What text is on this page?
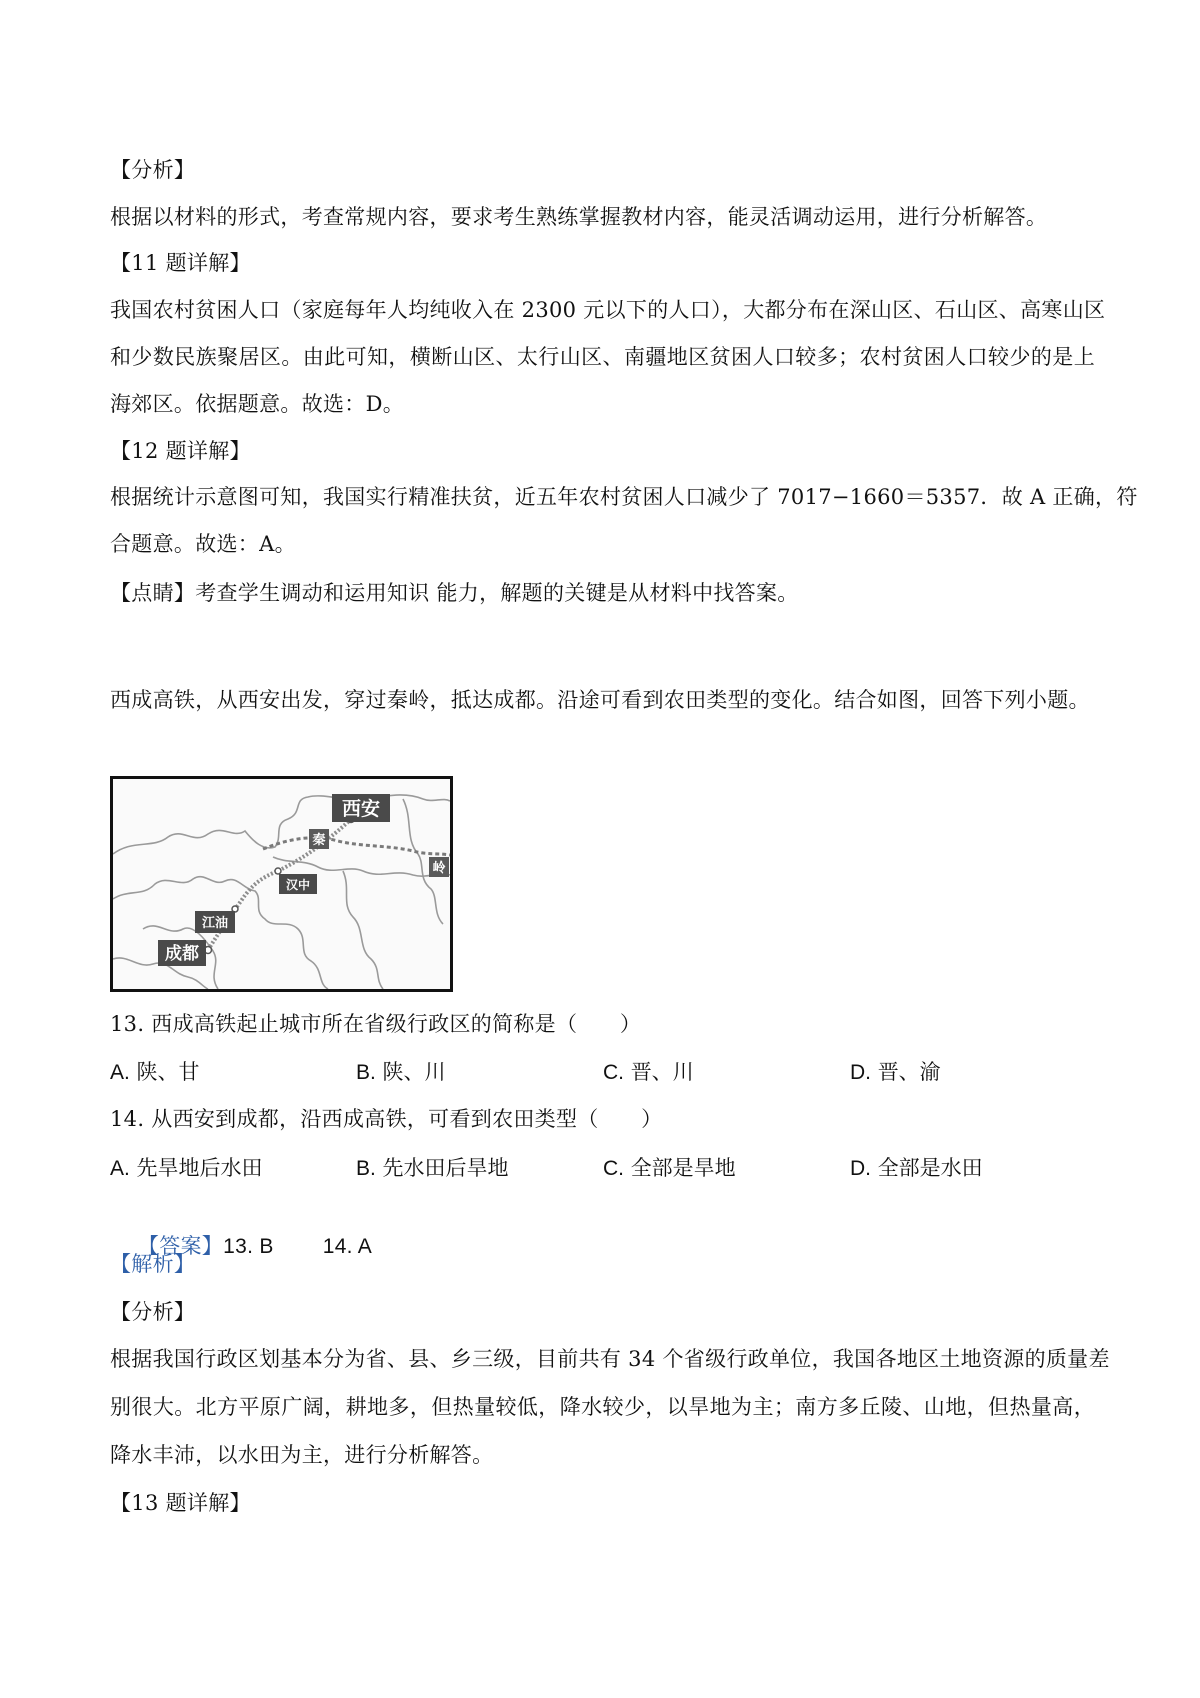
【分析】
根据以材料的形式，考查常规内容，要求考生熟练掌握教材内容，能灵活调动运用，进行分析解答。
【11 题详解】
我国农村贫困人口（家庭每年人均纯收入在 2300 元以下的人口），大都分布在深山区、石山区、高寒山区
和少数民族聚居区。由此可知，横断山区、太行山区、南疆地区贫困人口较多；农村贫困人口较少的是上
海郊区。依据题意。故选：D。
【12 题详解】
根据统计示意图可知，我国实行精准扶贫，近五年农村贫困人口减少了 7017−1660＝5357．故 A 正确，符
合题意。故选：A。
【点睛】考查学生调动和运用知识 能力，解题的关键是从材料中找答案。
西成高铁，从西安出发，穿过秦岭，抵达成都。沿途可看到农田类型的变化。结合如图，回答下列小题。
西安
秦
岭
汉中
江油
成都
13. 西成高铁起止城市所在省级行政区的简称是（　　）
A. 陕、甘	B. 陕、川	C. 晋、川	D. 晋、渝
14. 从西安到成都，沿西成高铁，可看到农田类型（　　）
A. 先旱地后水田	B. 先水田后旱地	C. 全部是旱地	D. 全部是水田

【答案】13. B        14. A

【解析】
【分析】
根据我国行政区划基本分为省、县、乡三级，目前共有 34 个省级行政单位，我国各地区土地资源的质量差
别很大。北方平原广阔，耕地多，但热量较低，降水较少，以旱地为主；南方多丘陵、山地，但热量高，
降水丰沛，以水田为主，进行分析解答。
【13 题详解】
